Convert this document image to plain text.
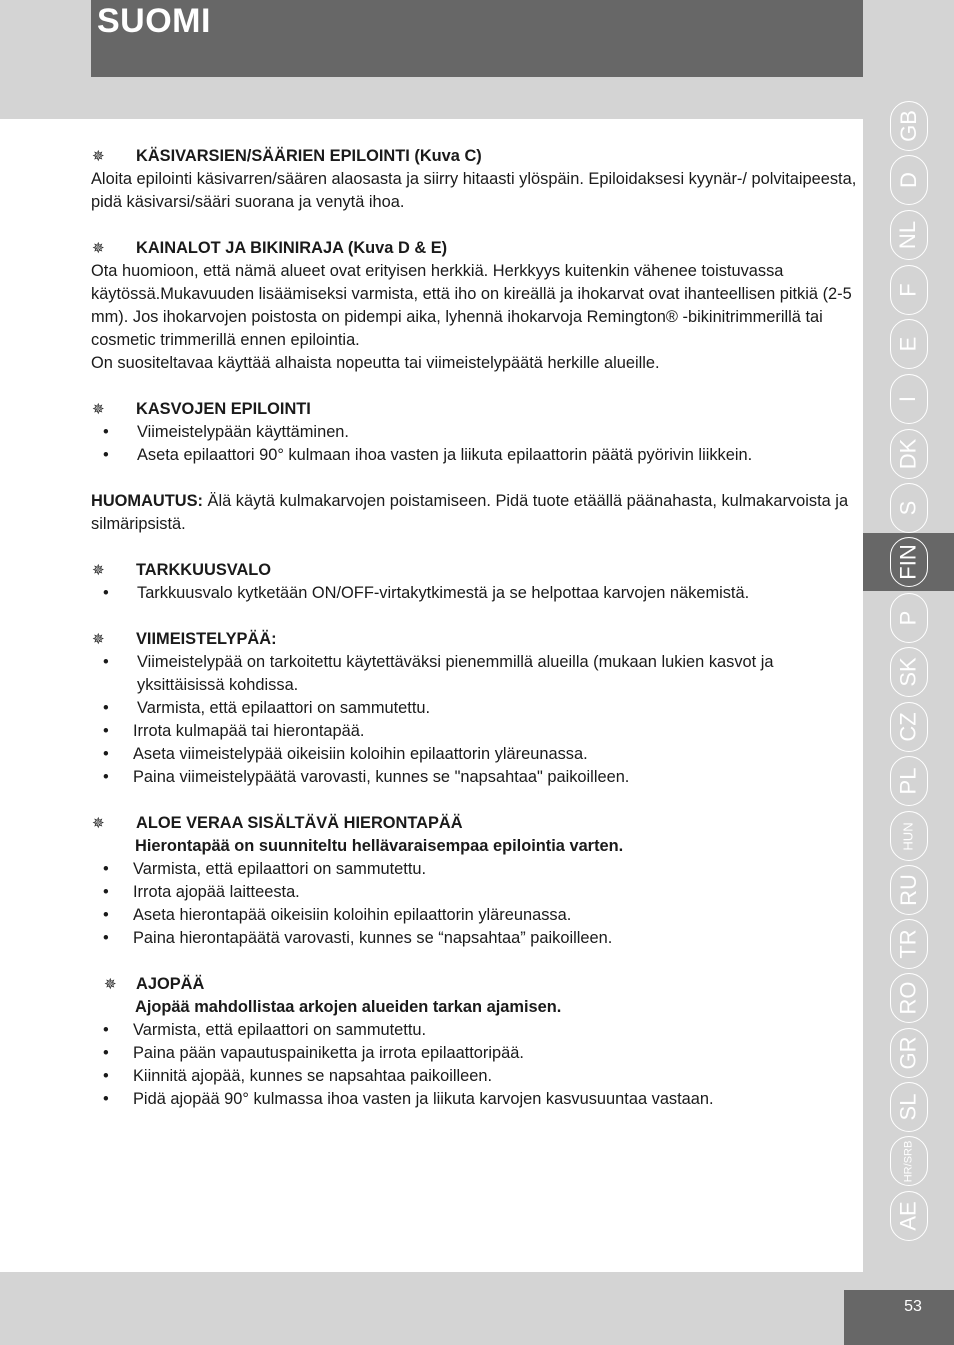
SUOMI
✵	KÄSIVARSIEN/SÄÄRIEN EPILOINTI (Kuva C)

Aloita epilointi käsivarren/säären alaosasta ja siirry hitaasti ylöspäin. Epiloidaksesi kyynär-/ polvitaipeesta, pidä käsivarsi/sääri suorana ja venytä ihoa.

✵	KAINALOT JA BIKINIRAJA (Kuva D & E)

Ota huomioon, että nämä alueet ovat erityisen herkkiä. Herkkyys kuitenkin vähenee toistuvassa käytössä.Mukavuuden lisäämiseksi varmista, että iho on kireällä ja ihokarvat ovat ihanteellisen pitkiä (2-5 mm). Jos ihokarvojen poistosta on pidempi aika, lyhennä ihokarvoja Remington® -bikinitrimmerillä tai cosmetic trimmerillä ennen epilointia.

On suositeltavaa käyttää alhaista nopeutta tai viimeistelypäätä herkille alueille.

✵	KASVOJEN EPILOINTI
• Viimeistelypään käyttäminen.
• Aseta epilaattori 90° kulmaan ihoa vasten ja liikuta epilaattorin päätä pyörivin liikkein.

HUOMAUTUS: Älä käytä kulmakarvojen poistamiseen. Pidä tuote etäällä päänahasta, kulmakarvoista ja silmäripsistä.

✵	TARKKUUSVALO
• Tarkkuusvalo kytketään ON/OFF-virtakytkimestä ja se helpottaa karvojen näkemistä.
✵	VIIMEISTELYPÄÄ:
• Viimeistelypää on tarkoitettu käytettäväksi pienemmillä alueilla (mukaan lukien kasvot ja yksittäisissä kohdissa.
• Varmista, että epilaattori on sammutettu.
• Irrota kulmapää tai hierontapää.
• Aseta viimeistelypää oikeisiin koloihin epilaattorin yläreunassa.
• Paina viimeistelypäätä varovasti, kunnes se "napsahtaa" paikoilleen.
✵	ALOE VERAA SISÄLTÄVÄ HIERONTAPÄÄ
Hierontapää on suunniteltu hellävaraisempaa epilointia varten.
• Varmista, että epilaattori on sammutettu.
• Irrota ajopää laitteesta.
• Aseta hierontapää oikeisiin koloihin epilaattorin yläreunassa.
• Paina hierontapäätä varovasti, kunnes se “napsahtaa” paikoilleen.
✵	AJOPÄÄ
Ajopää mahdollistaa arkojen alueiden tarkan ajamisen.
• Varmista, että epilaattori on sammutettu.
• Paina pään vapautuspainiketta ja irrota epilaattoripää.
• Kiinnitä ajopää, kunnes se napsahtaa paikoilleen.
• Pidä ajopää 90° kulmassa ihoa vasten ja liikuta karvojen kasvusuuntaa vastaan.
GB
D
NL
F
E
I
DK
S
FIN
P
SK
CZ
PL
HUN
RU
TR
RO
GR
SL
HR/SRB
AE
53
